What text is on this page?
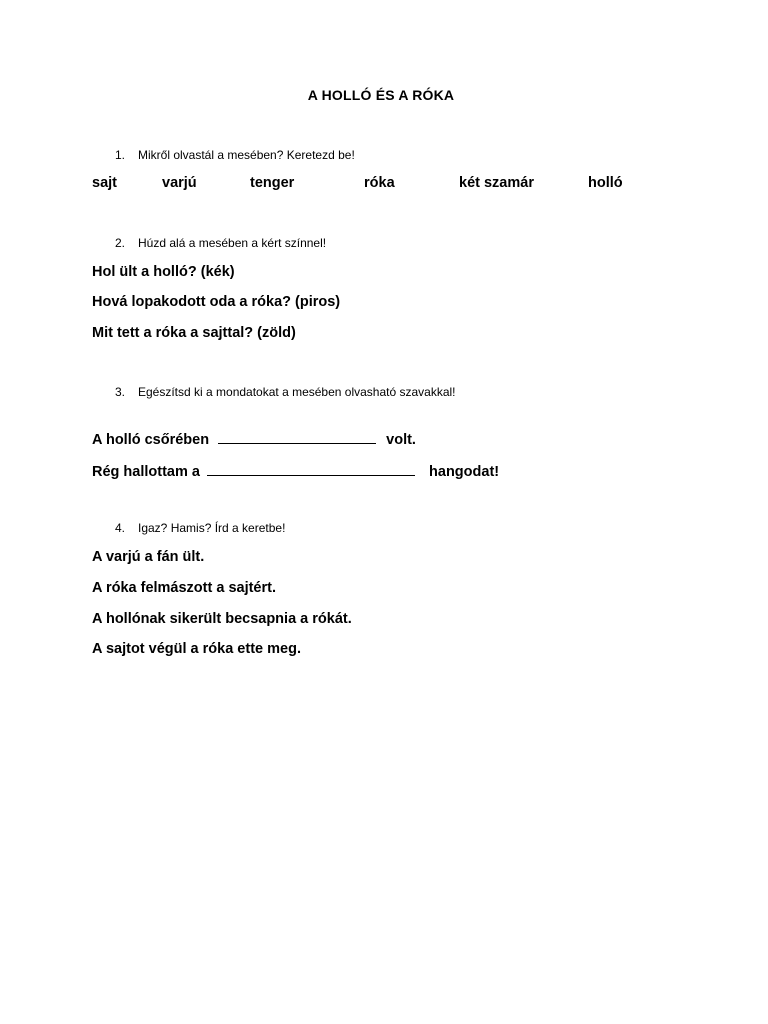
A HOLLÓ ÉS A RÓKA
1.	Mikről olvastál a mesében? Keretezd be!
sajt	varjú	tenger	róka	két szamár	holló
2.	Húzd alá a mesében a kért színnel!
Hol ült a holló? (kék)
Hová lopakodott oda a róka? (piros)
Mit tett a róka a sajttal? (zöld)
3.	Egészítsd ki a mondatokat a mesében olvasható szavakkal!
A holló csőrében	volt.
Rég hallottam a	hangodat!
4.	Igaz? Hamis? Írd a keretbe!
A varjú a fán ült.
A róka felmászott a sajtért.
A hollónak sikerült becsapnia a rókát.
A sajtot végül a róka ette meg.
